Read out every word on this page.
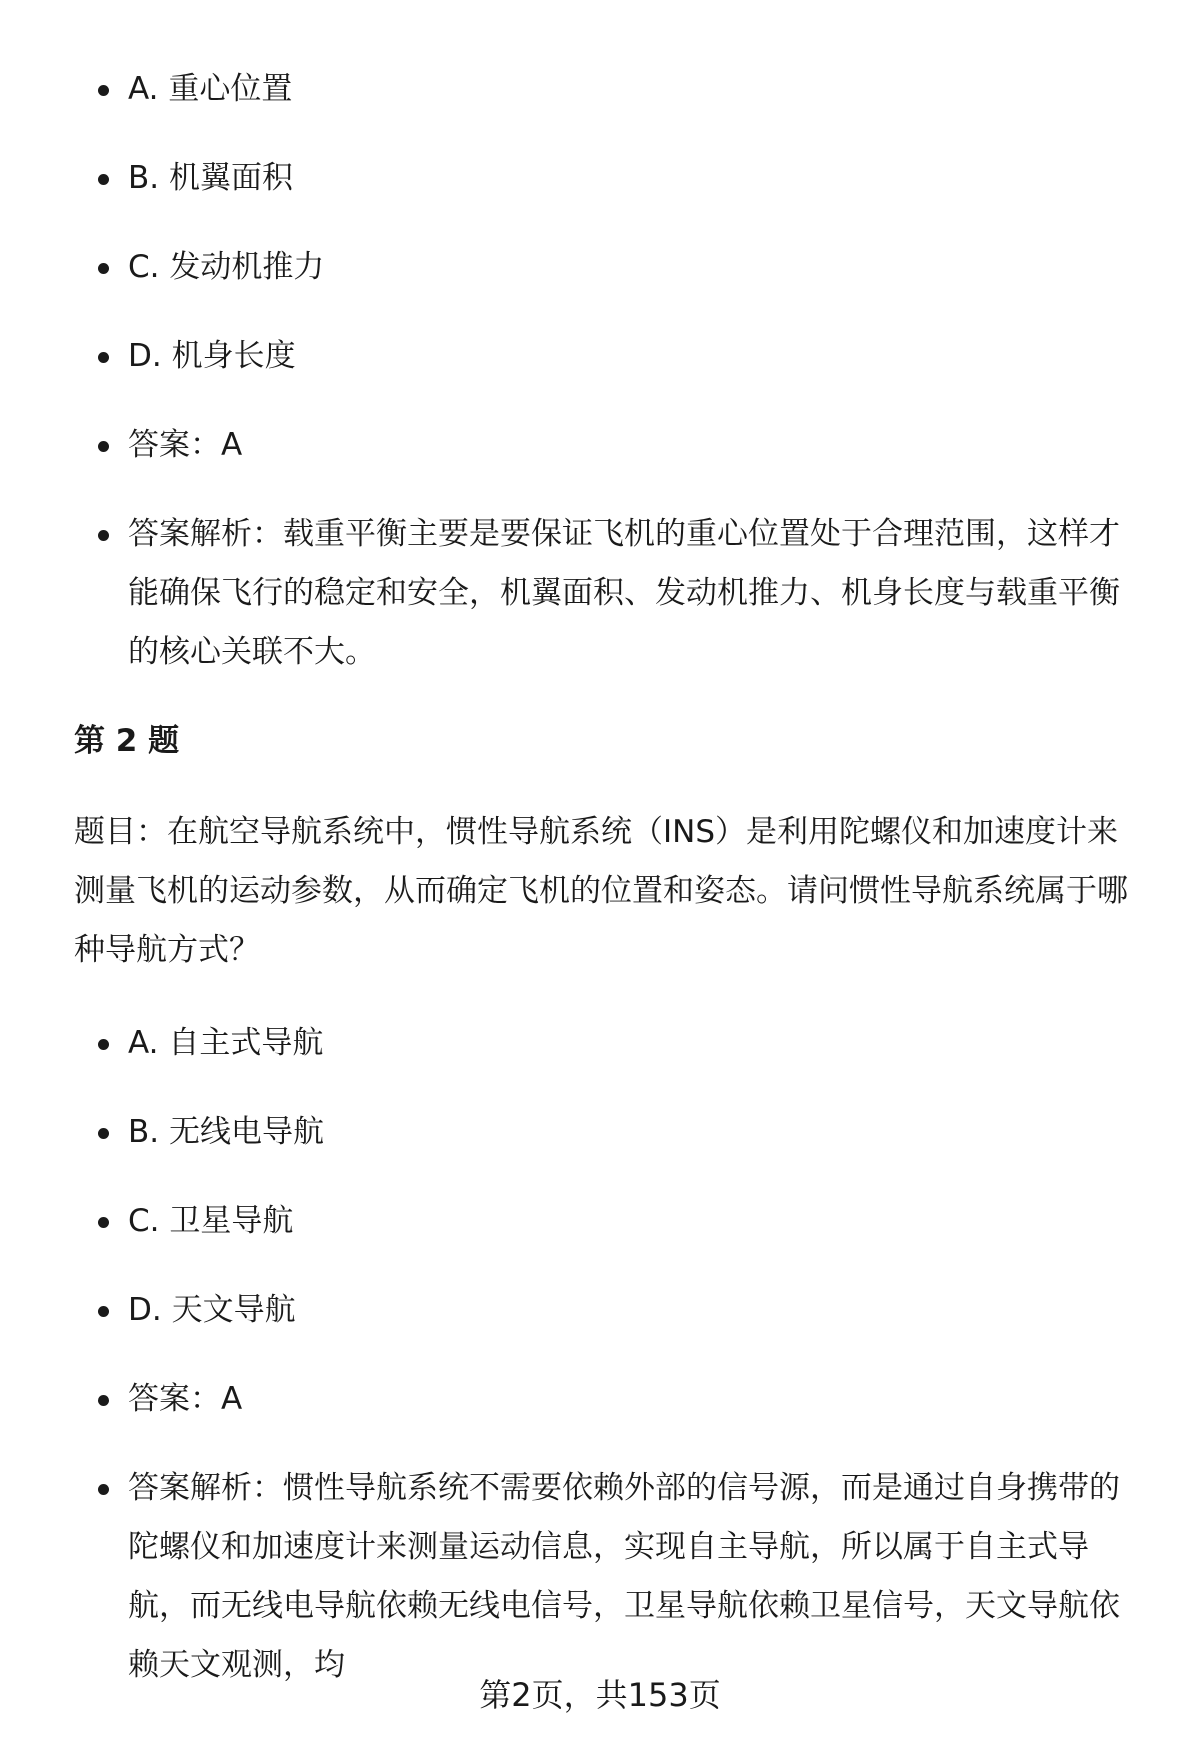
A. 重心位置
B. 机翼面积
C. 发动机推力
D. 机身长度
答案：A
答案解析：载重平衡主要是要保证飞机的重心位置处于合理范围，这样才能确保飞行的稳定和安全，机翼面积、发动机推力、机身长度与载重平衡的核心关联不大。
第 2 题
题目：在航空导航系统中，惯性导航系统（INS）是利用陀螺仪和加速度计来测量飞机的运动参数，从而确定飞机的位置和姿态。请问惯性导航系统属于哪种导航方式？
A. 自主式导航
B. 无线电导航
C. 卫星导航
D. 天文导航
答案：A
答案解析：惯性导航系统不需要依赖外部的信号源，而是通过自身携带的陀螺仪和加速度计来测量运动信息，实现自主导航，所以属于自主式导航，而无线电导航依赖无线电信号，卫星导航依赖卫星信号，天文导航依赖天文观测，均
第2页，共153页
